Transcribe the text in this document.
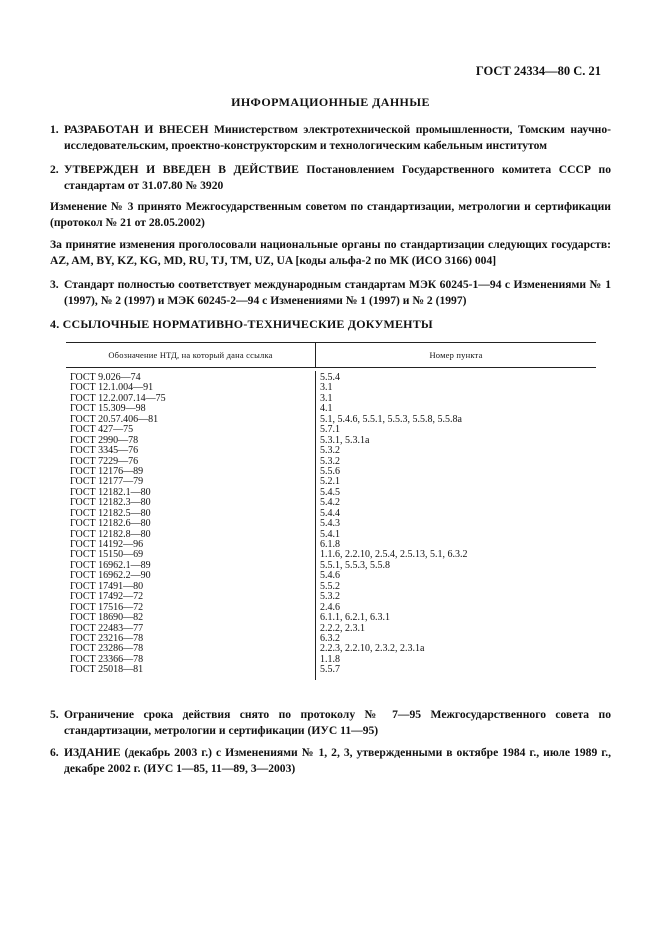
ГОСТ 24334—80 С. 21
ИНФОРМАЦИОННЫЕ ДАННЫЕ
1. РАЗРАБОТАН И ВНЕСЕН Министерством электротехнической промышленности, Томским научно-исследовательским, проектно-конструкторским и технологическим кабельным институтом
2. УТВЕРЖДЕН И ВВЕДЕН В ДЕЙСТВИЕ Постановлением Государственного комитета СССР по стандартам от 31.07.80 № 3920
Изменение № 3 принято Межгосударственным советом по стандартизации, метрологии и сертификации (протокол № 21 от 28.05.2002)
За принятие изменения проголосовали национальные органы по стандартизации следующих государств: AZ, AM, BY, KZ, KG, MD, RU, TJ, TM, UZ, UA [коды альфа-2 по МК (ИСО 3166) 004]
3. Стандарт полностью соответствует международным стандартам МЭК 60245-1—94 с Изменениями № 1 (1997), № 2 (1997) и МЭК 60245-2—94 с Изменениями № 1 (1997) и № 2 (1997)
4. ССЫЛОЧНЫЕ НОРМАТИВНО-ТЕХНИЧЕСКИЕ ДОКУМЕНТЫ
Обозначение НТД, на который дана ссылка	Номер пункта
ГОСТ 9.026—74
ГОСТ 12.1.004—91
ГОСТ 12.2.007.14—75
ГОСТ 15.309—98
ГОСТ 20.57.406—81
ГОСТ 427—75
ГОСТ 2990—78
ГОСТ 3345—76
ГОСТ 7229—76
ГОСТ 12176—89
ГОСТ 12177—79
ГОСТ 12182.1—80
ГОСТ 12182.3—80
ГОСТ 12182.5—80
ГОСТ 12182.6—80
ГОСТ 12182.8—80
ГОСТ 14192—96
ГОСТ 15150—69
ГОСТ 16962.1—89
ГОСТ 16962.2—90
ГОСТ 17491—80
ГОСТ 17492—72
ГОСТ 17516—72
ГОСТ 18690—82
ГОСТ 22483—77
ГОСТ 23216—78
ГОСТ 23286—78
ГОСТ 23366—78
ГОСТ 25018—81
5.5.4
3.1
3.1
4.1
5.1, 5.4.6, 5.5.1, 5.5.3, 5.5.8, 5.5.8а
5.7.1
5.3.1, 5.3.1а
5.3.2
5.3.2
5.5.6
5.2.1
5.4.5
5.4.2
5.4.4
5.4.3
5.4.1
6.1.8
1.1.6, 2.2.10, 2.5.4, 2.5.13, 5.1, 6.3.2
5.5.1, 5.5.3, 5.5.8
5.4.6
5.5.2
5.3.2
2.4.6
6.1.1, 6.2.1, 6.3.1
2.2.2, 2.3.1
6.3.2
2.2.3, 2.2.10, 2.3.2, 2.3.1а
1.1.8
5.5.7
5. Ограничение срока действия снято по протоколу № 7—95 Межгосударственного совета по стандартизации, метрологии и сертификации (ИУС 11—95)
6. ИЗДАНИЕ (декабрь 2003 г.) с Изменениями № 1, 2, 3, утвержденными в октябре 1984 г., июле 1989 г., декабре 2002 г. (ИУС 1—85, 11—89, 3—2003)
